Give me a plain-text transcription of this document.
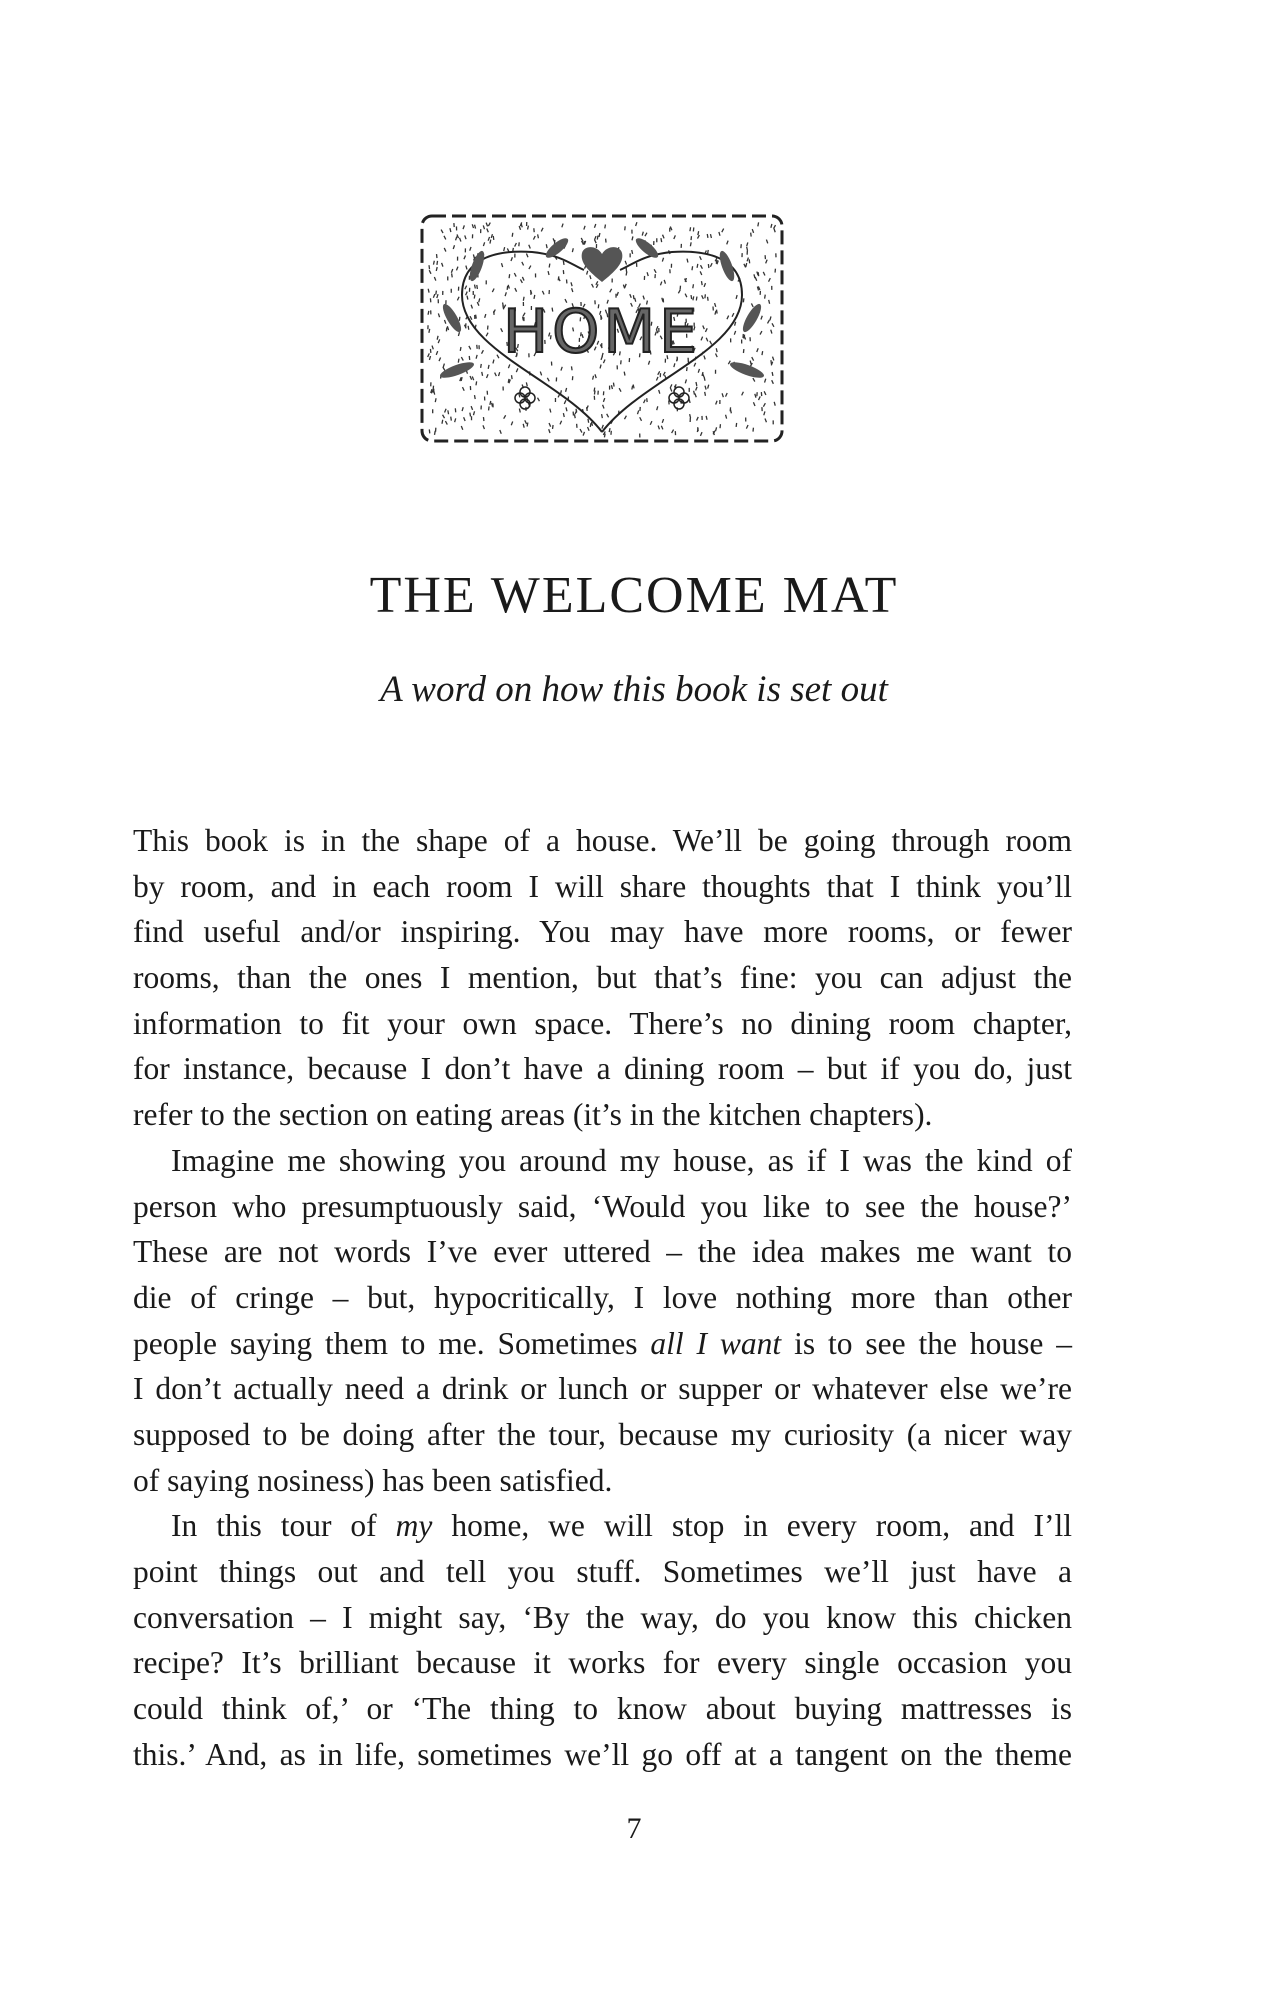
HOME
THE WELCOME MAT
A word on how this book is set out
This book is in the shape of a house. We’ll be going through room
by room, and in each room I will share thoughts that I think you’ll
find useful and/or inspiring. You may have more rooms, or fewer
rooms, than the ones I mention, but that’s fine: you can adjust the
information to fit your own space. There’s no dining room chapter,
for instance, because I don’t have a dining room – but if you do, just
refer to the section on eating areas (it’s in the kitchen chapters).
Imagine me showing you around my house, as if I was the kind of
person who presumptuously said, ‘Would you like to see the house?’
These are not words I’ve ever uttered – the idea makes me want to
die of cringe – but, hypocritically, I love nothing more than other
people saying them to me. Sometimes all I want is to see the house –
I don’t actually need a drink or lunch or supper or whatever else we’re
supposed to be doing after the tour, because my curiosity (a nicer way
of saying nosiness) has been satisfied.
In this tour of my home, we will stop in every room, and I’ll
point things out and tell you stuff. Sometimes we’ll just have a
conversation – I might say, ‘By the way, do you know this chicken
recipe? It’s brilliant because it works for every single occasion you
could think of,’ or ‘The thing to know about buying mattresses is
this.’ And, as in life, sometimes we’ll go off at a tangent on the theme
7
